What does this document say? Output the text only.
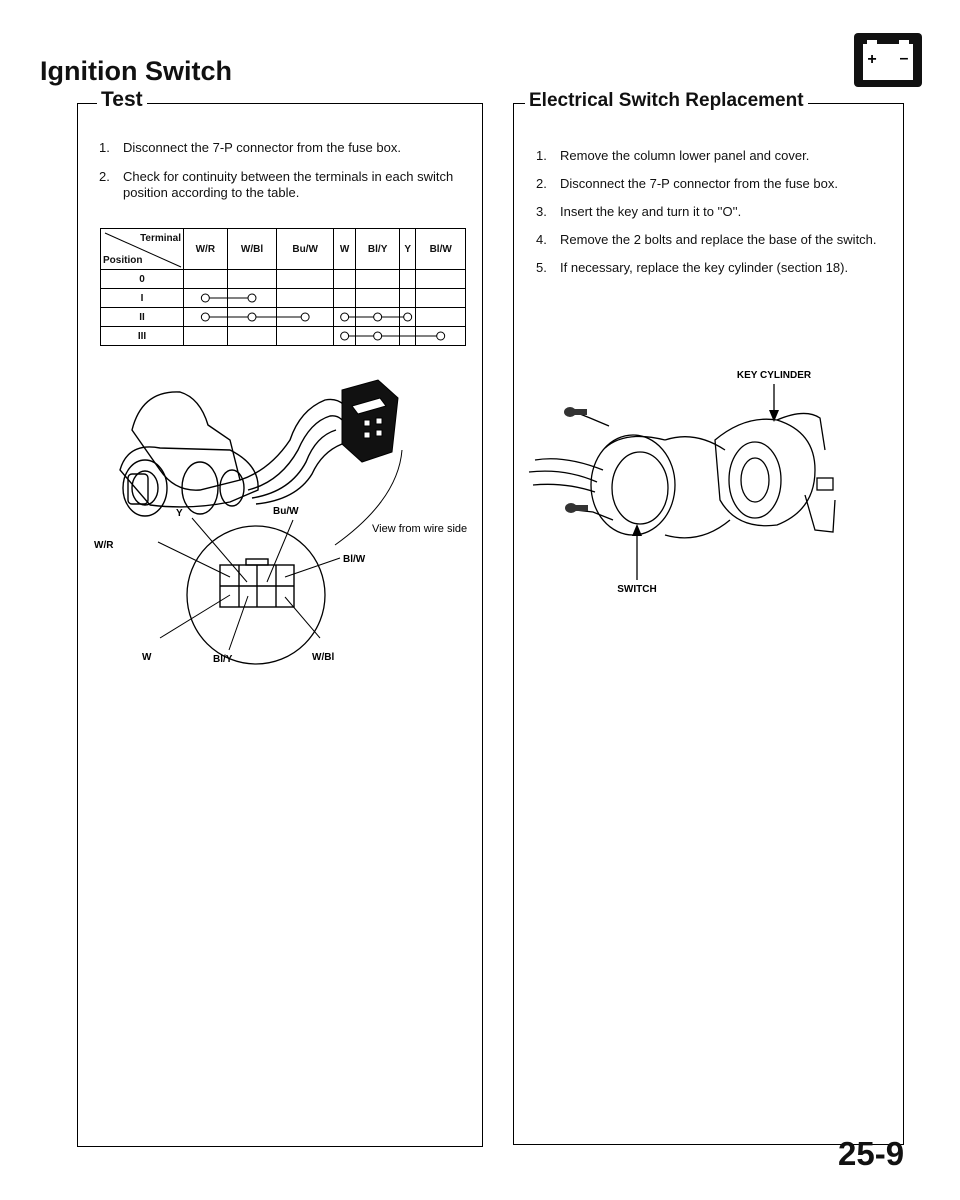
Ignition Switch	+ –
Test
1.	Disconnect the 7-P connector from the fuse box.
2.	Check for continuity between the terminals in each switch position according to the table.
Terminal
Position	W/R	W/Bl	Bu/W	W	Bl/Y	Y	Bl/W
0							
I							
II							
III							
Y	Bu/W
View from wire side
W/R
Bl/W
W	Bl/Y	W/Bl
Electrical Switch Replacement
1.	Remove the column lower panel and cover.
2.	Disconnect the 7-P connector from the fuse box.
3.	Insert the key and turn it to ''O''.
4.	Remove the 2 bolts and replace the base of the switch.
5.	If necessary, replace the key cylinder (section 18).
KEY CYLINDER
SWITCH
25-9
